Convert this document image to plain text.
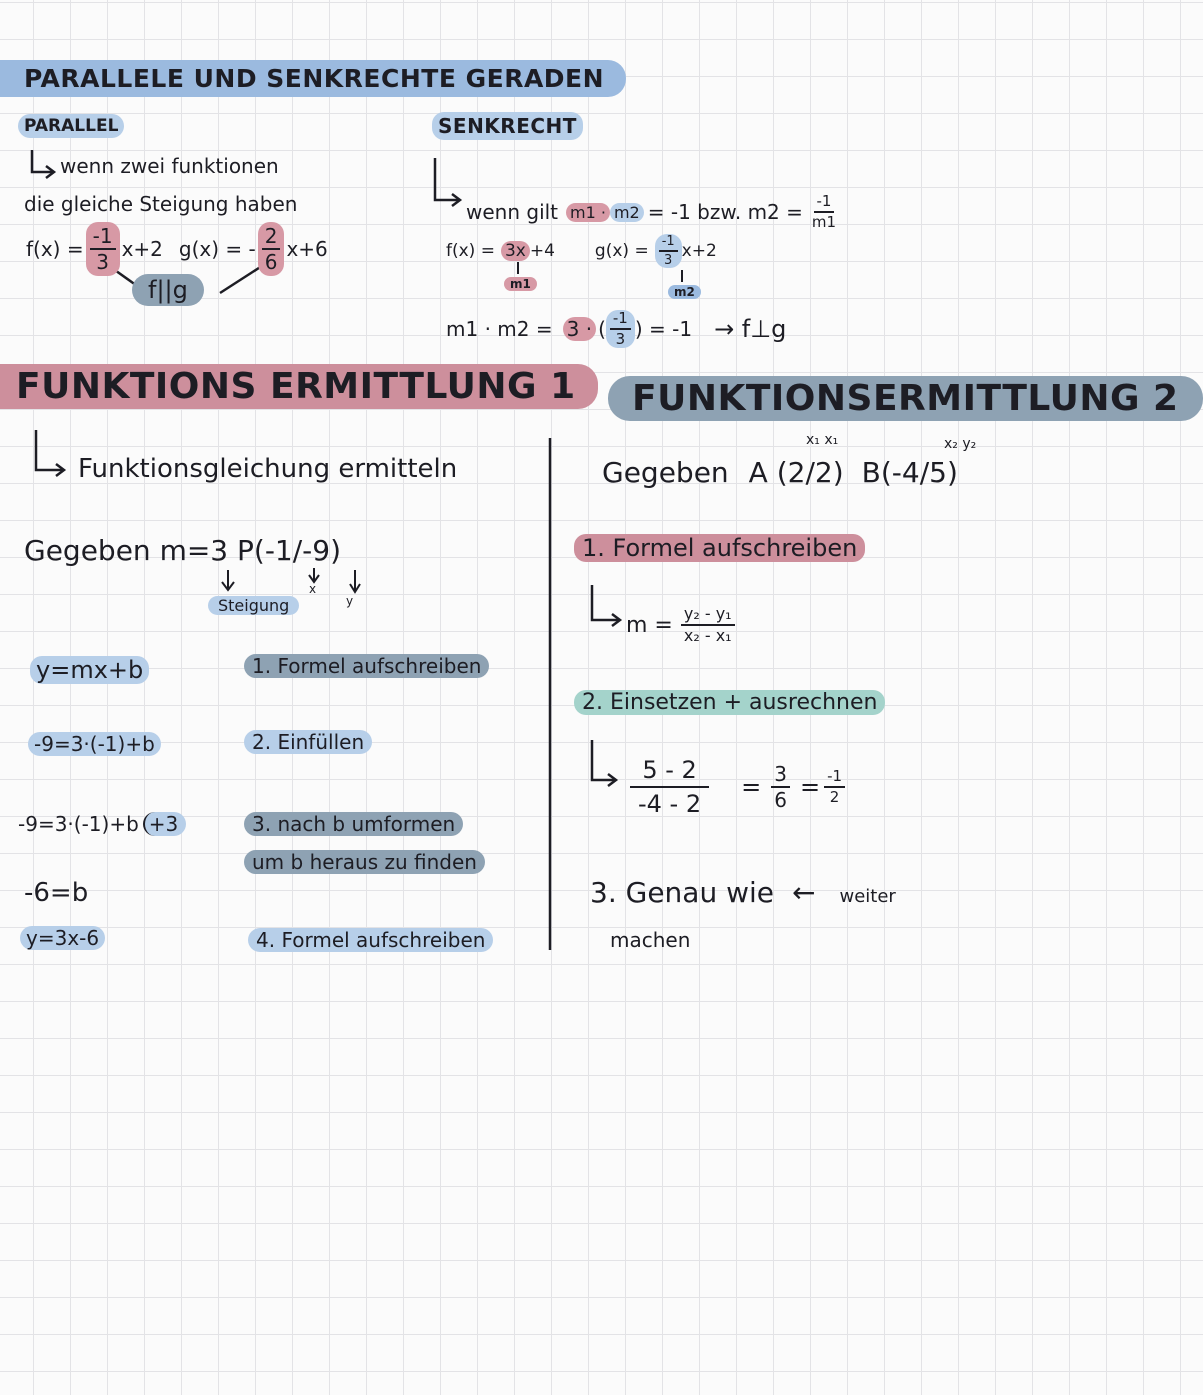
PARALLELE UND SENKRECHTE GERADEN
PARALLEL
wenn zwei funktionen
die gleiche Steigung haben
$f(x) = \frac{-1}{3} x+2$ g(x) = - $\frac{2}{6} x+6$
f||g
SENKRECHT
wenn gilt m1 · m2 = -1 bzw. $m2 = \frac{-1}{m1}$
f(x) = 3x +4 $g(x) = \frac{-1}{3} x+2$
m1
m2
m1 · m2 = 3 · ( $\frac{-1}{3}$ ) = -1 → f⊥g
FUNKTIONS ERMITTLUNG 1
Funktionsgleichung ermitteln
Gegeben m=3 P(-1/-9)
Steigung
x
y
y=mx+b
-9=3·(-1)+b
-9=3·(-1)+b +3
-6=b
y=3x-6
1. Formel aufschreiben
2. Einfüllen
3. nach b umformen
um b heraus zu finden
4. Formel aufschreiben
FUNKTIONSERMITTLUNG 2
Gegeben A (2/2) B(-4/5)
x₁ x₁	x₂ y₂
1. Formel aufschreiben
$m = \frac{\text{y₂ - y₁}}{\text{x₂ - x₁}}$
2. Einsetzen + ausrechnen
$\frac{5 - 2}{-4 - 2} = \frac{3}{6} = \frac{-1}{2}$
3. Genau wie ← weiter
machen
